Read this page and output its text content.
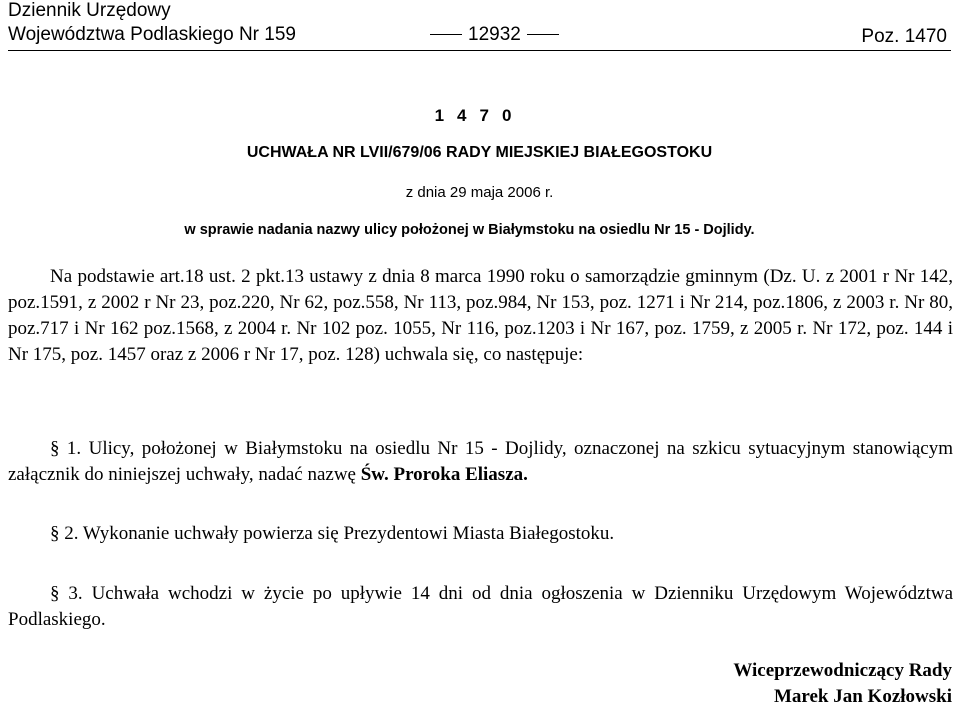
Dziennik Urzędowy
Województwa Podlaskiego Nr 159	12932	Poz. 1470
1470
UCHWAŁA NR LVII/679/06 RADY MIEJSKIEJ BIAŁEGOSTOKU
z dnia 29 maja 2006 r.
w sprawie nadania nazwy ulicy położonej w Białymstoku na osiedlu Nr 15 - Dojlidy.
Na podstawie art.18 ust. 2 pkt.13 ustawy z dnia 8 marca 1990 roku o samorządzie gminnym (Dz. U. z 2001 r Nr 142, poz.1591, z 2002 r Nr 23, poz.220, Nr 62, poz.558, Nr 113, poz.984, Nr 153, poz. 1271 i Nr 214, poz.1806, z 2003 r. Nr 80, poz.717 i Nr 162 poz.1568, z 2004 r. Nr 102 poz. 1055, Nr 116, poz.1203 i Nr 167, poz. 1759, z 2005 r. Nr 172, poz. 144 i Nr 175, poz. 1457 oraz z 2006 r Nr 17, poz. 128) uchwala się, co następuje:
§ 1. Ulicy, położonej w Białymstoku na osiedlu Nr 15 - Dojlidy, oznaczonej na szkicu sytuacyjnym stanowiącym załącznik do niniejszej uchwały, nadać nazwę Św. Proroka Eliasza.
§ 2. Wykonanie uchwały powierza się Prezydentowi Miasta Białegostoku.
§ 3. Uchwała wchodzi w życie po upływie 14 dni od dnia ogłoszenia w Dzienniku Urzędowym Województwa Podlaskiego.
Wiceprzewodniczący Rady
Marek Jan Kozłowski
